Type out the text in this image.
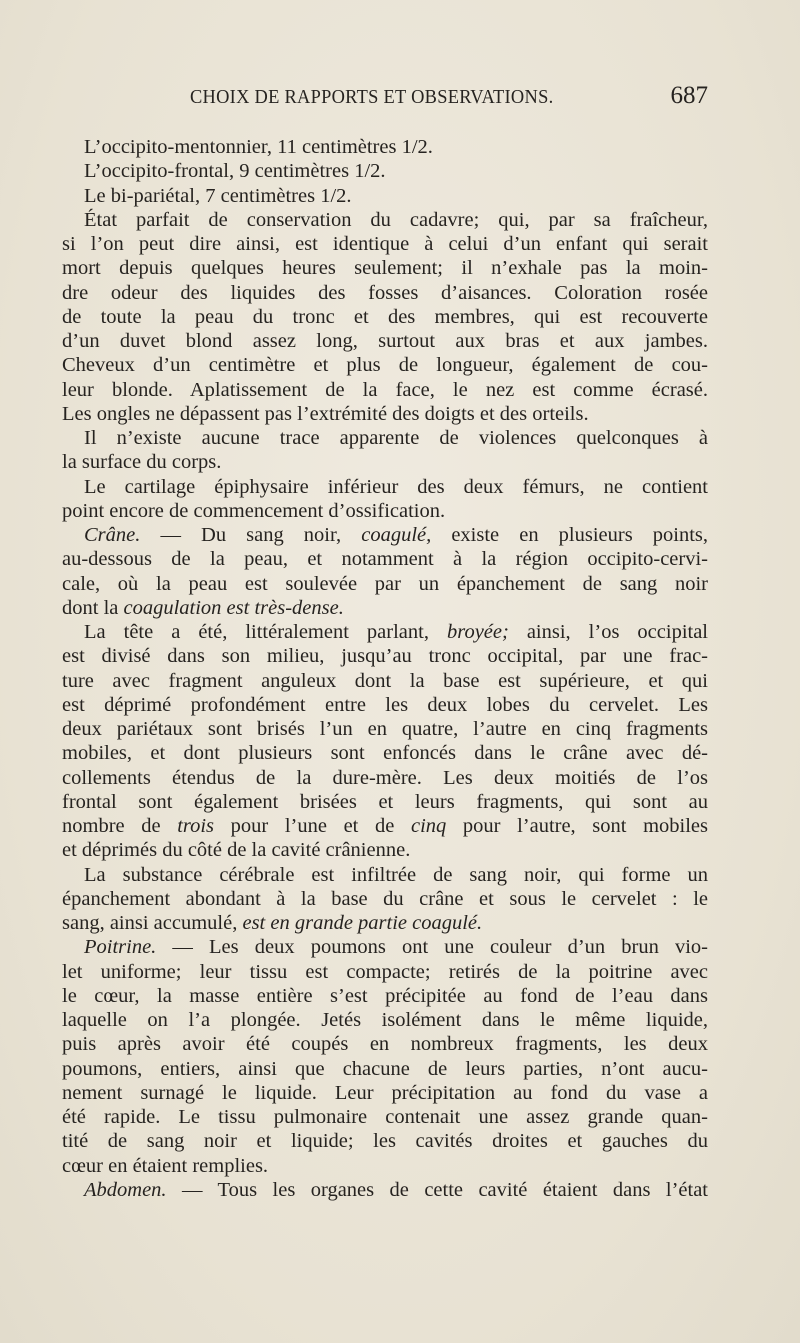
CHOIX DE RAPPORTS ET OBSERVATIONS.	687
L’occipito-mentonnier, 11 centimètres 1/2.
L’occipito-frontal, 9 centimètres 1/2.
Le bi-pariétal, 7 centimètres 1/2.
État parfait de conservation du cadavre; qui, par sa fraîcheur,
si l’on peut dire ainsi, est identique à celui d’un enfant qui serait
mort depuis quelques heures seulement; il n’exhale pas la moin-
dre odeur des liquides des fosses d’aisances. Coloration rosée
de toute la peau du tronc et des membres, qui est recouverte
d’un duvet blond assez long, surtout aux bras et aux jambes.
Cheveux d’un centimètre et plus de longueur, également de cou-
leur blonde. Aplatissement de la face, le nez est comme écrasé.
Les ongles ne dépassent pas l’extrémité des doigts et des orteils.
Il n’existe aucune trace apparente de violences quelconques à
la surface du corps.
Le cartilage épiphysaire inférieur des deux fémurs, ne contient
point encore de commencement d’ossification.
Crâne. — Du sang noir, coagulé, existe en plusieurs points,
au-dessous de la peau, et notamment à la région occipito-cervi-
cale, où la peau est soulevée par un épanchement de sang noir
dont la coagulation est très-dense.
La tête a été, littéralement parlant, broyée; ainsi, l’os occipital
est divisé dans son milieu, jusqu’au tronc occipital, par une frac-
ture avec fragment anguleux dont la base est supérieure, et qui
est déprimé profondément entre les deux lobes du cervelet. Les
deux pariétaux sont brisés l’un en quatre, l’autre en cinq fragments
mobiles, et dont plusieurs sont enfoncés dans le crâne avec dé-
collements étendus de la dure-mère. Les deux moitiés de l’os
frontal sont également brisées et leurs fragments, qui sont au
nombre de trois pour l’une et de cinq pour l’autre, sont mobiles
et déprimés du côté de la cavité crânienne.
La substance cérébrale est infiltrée de sang noir, qui forme un
épanchement abondant à la base du crâne et sous le cervelet : le
sang, ainsi accumulé, est en grande partie coagulé.
Poitrine. — Les deux poumons ont une couleur d’un brun vio-
let uniforme; leur tissu est compacte; retirés de la poitrine avec
le cœur, la masse entière s’est précipitée au fond de l’eau dans
laquelle on l’a plongée. Jetés isolément dans le même liquide,
puis après avoir été coupés en nombreux fragments, les deux
poumons, entiers, ainsi que chacune de leurs parties, n’ont aucu-
nement surnagé le liquide. Leur précipitation au fond du vase a
été rapide. Le tissu pulmonaire contenait une assez grande quan-
tité de sang noir et liquide; les cavités droites et gauches du
cœur en étaient remplies.
Abdomen. — Tous les organes de cette cavité étaient dans l’état
